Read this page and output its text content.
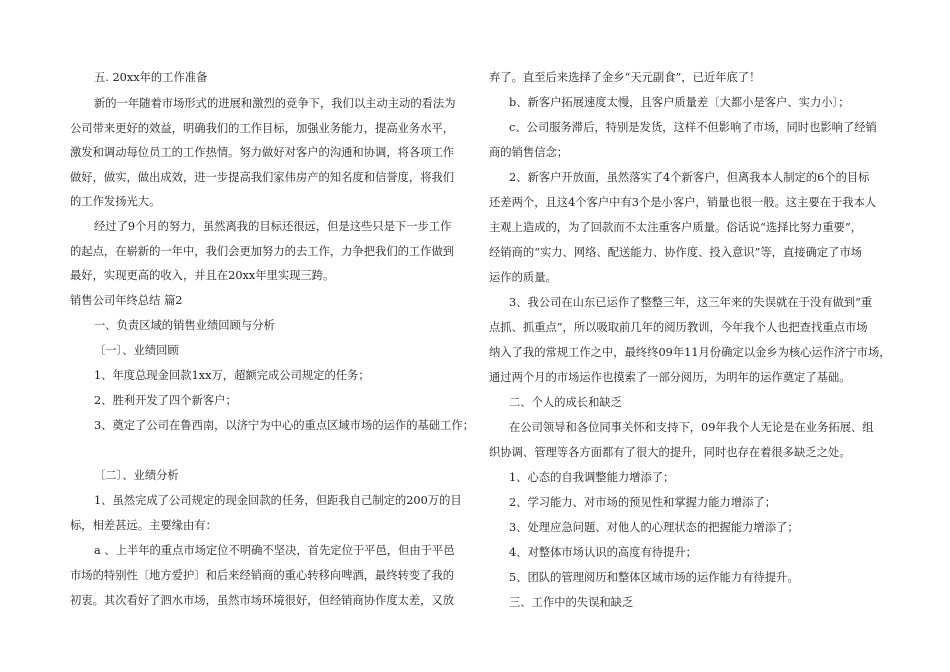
五. 20xx年的工作准备
新的一年随着市场形式的进展和激烈的竞争下，我们以主动主动的看法为
公司带来更好的效益，明确我们的工作目标，加强业务能力，提高业务水平，
激发和调动每位员工的工作热情。努力做好对客户的沟通和协调，将各项工作
做好，做实，做出成效，进一步提高我们家伟房产的知名度和信誉度，将我们
的工作发扬光大。
经过了9个月的努力，虽然离我的目标还很远，但是这些只是下一步工作
的起点，在崭新的一年中，我们会更加努力的去工作，力争把我们的工作做到
最好，实现更高的收入，并且在20xx年里实现三跨。
销售公司年终总结 篇2
一、负责区域的销售业绩回顾与分析
〔一〕、业绩回顾
1、年度总现金回款1xx万，超额完成公司规定的任务；
2、胜利开发了四个新客户；
3、奠定了公司在鲁西南，以济宁为中心的重点区域市场的运作的基础工作；
〔二〕、业绩分析
1、虽然完成了公司规定的现金回款的任务，但距我自己制定的200万的目
标，相差甚远。主要缘由有：
a 、上半年的重点市场定位不明确不坚决，首先定位于平邑，但由于平邑
市场的特别性〔地方爱护〕和后来经销商的重心转移向啤酒，最终转变了我的
初衷。其次看好了泗水市场，虽然市场环境很好，但经销商协作度太差，又放
弃了。直至后来选择了金乡“天元副食”，已近年底了！
b、新客户拓展速度太慢，且客户质量差〔大都小是客户、实力小〕；
c、公司服务滞后，特别是发货，这样不但影响了市场，同时也影响了经销
商的销售信念；
2、新客户开放面，虽然落实了4个新客户，但离我本人制定的6个的目标
还差两个，且这4个客户中有3个是小客户，销量也很一般。这主要在于我本人
主观上造成的，为了回款而不太注重客户质量。俗话说“选择比努力重要”，
经销商的“实力、网络、配送能力、协作度、投入意识”等，直接确定了市场
运作的质量。
3、我公司在山东已运作了整整三年，这三年来的失误就在于没有做到“重
点抓、抓重点”，所以吸取前几年的阅历教训，今年我个人也把查找重点市场
纳入了我的常规工作之中，最终终09年11月份确定以金乡为核心运作济宁市场，
通过两个月的市场运作也摸索了一部分阅历，为明年的运作奠定了基础。
二、个人的成长和缺乏
在公司领导和各位同事关怀和支持下，09年我个人无论是在业务拓展、组
织协调、管理等各方面都有了很大的提升，同时也存在着很多缺乏之处。
1、心态的自我调整能力增添了；
2、学习能力、对市场的预见性和掌握力能力增添了；
3、处理应急问题、对他人的心理状态的把握能力增添了；
4、对整体市场认识的高度有待提升；
5、团队的管理阅历和整体区域市场的运作能力有待提升。
三、工作中的失误和缺乏
